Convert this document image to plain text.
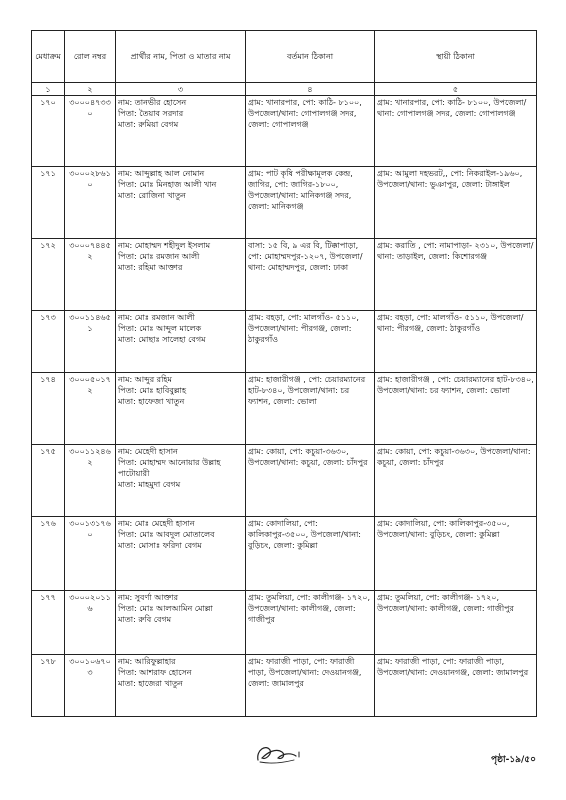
মেধাক্রম	রোল নম্বর	প্রার্থীর নাম, পিতা ও মাতার নাম	বর্তমান ঠিকানা	স্থায়ী ঠিকানা
১	২	৩	৪	৫
১৭০	৩০০০৪৭৩৩০	নাম: তানভীর হোসেন
পিতা: তৈয়াব সরদার
মাতা: রুমিয়া বেগম	গ্রাম: খানারপার, পো: কাঠি- ৮১০০, উপজেলা/থানা: গোপালগঞ্জ সদর, জেলা: গোপালগঞ্জ	গ্রাম: খানারপার, পো: কাঠি- ৮১০০, উপজেলা/থানা: গোপালগঞ্জ সদর, জেলা: গোপালগঞ্জ

১৭১	৩০০০২৮৬১০	নাম: আব্দুল্লাহ আল নোমান
পিতা: মোঃ মিনহাজ আলী খান
মাতা: রোজিনা খাতুন	গ্রাম: পাট কৃষি পরীক্ষামূলক কেন্দ্র, জাগির, পো: জাগির-১৮০০, উপজেলা/থানা: মানিকগঞ্জ সদর, জেলা: মানিকগঞ্জ	গ্রাম: আমুলা দহভরট,, পো: নিকরাইল-১৯৬০, উপজেলা/থানা: ভুঞাপুর, জেলা: টাঙ্গাইল

১৭২	৩০০০৭৪৪৫২	নাম: মোহাম্মদ শহীদুল ইসলাম
পিতা: মোঃ রমজান আলী
মাতা: রহিমা আক্তার	বাসা: ১৫ বি, ৯ এর বি, টিক্কাপাড়া, পো: মোহাম্মদপুর-১২০৭, উপজেলা/থানা: মোহাম্মদপুর, জেলা: ঢাকা	গ্রাম: করাতি , পো: নামাপাড়া- ২৩১০, উপজেলা/থানা: তাড়াইল, জেলা: কিশোরগঞ্জ

১৭৩	৩০০১১৪৬৫১	নাম: মোঃ রমজান আলী
পিতা: মোঃ আব্দুল মালেক
মাতা: মোছাঃ সালেহা বেগম	গ্রাম: বহড়া, পো: মালগাঁও- ৫১১০, উপজেলা/থানা: পীরগঞ্জ, জেলা: ঠাকুরগাঁও	গ্রাম: বহড়া, পো: মালগাঁও- ৫১১০, উপজেলা/থানা: পীরগঞ্জ, জেলা: ঠাকুরগাঁও

১৭৪	৩০০০৫০১৭২	নাম: আব্দুর রহিম
পিতা: মোঃ হাবিবুল্লাহ
মাতা: হাফেজা খাতুন	গ্রাম: হাজারীগঞ্জ , পো: চেয়ারম্যানের হাট-৮৩৪০, উপজেলা/থানা: চর ফ্যাশন, জেলা: ভোলা	গ্রাম: হাজারীগঞ্জ , পো: চেয়ারম্যানের হাট-৮৩৪০, উপজেলা/থানা: চর ফ্যাশন, জেলা: ভোলা

১৭৫	৩০০১১২৪৬২	নাম: মেহেদী হাসান
পিতা: মোহাম্মদ আনোয়ার উল্লাহ পাটোয়ারী
মাতা: মাহমুদা বেগম	গ্রাম: কোয়া, পো: কচুয়া-৩৬৩০, উপজেলা/থানা: কচুয়া, জেলা: চাঁদপুর	গ্রাম: কোয়া, পো: কচুয়া-৩৬৩০, উপজেলা/থানা: কচুয়া, জেলা: চাঁদপুর

১৭৬	৩০০১৩১৭৬০	নাম: মোঃ মেহেদী হাসান
পিতা: মোঃ আবদুল মোতালেব
মাতা: মোসাঃ ফরিদা বেগম	গ্রাম: কোদালিয়া, পো: কালিকাপুর-৩৫০০, উপজেলা/থানা: বুড়িচং, জেলা: কুমিল্লা	গ্রাম: কোদালিয়া, পো: কালিকাপুর-৩৫০০, উপজেলা/থানা: বুড়িচং, জেলা: কুমিল্লা

১৭৭	৩০০০২০১১৬	নাম: সুবর্ণা আক্তার
পিতা: মোঃ আলআমিন মোল্লা
মাতা: রুবি বেগম	গ্রাম: তুমলিয়া, পো: কালীগঞ্জ- ১৭২০, উপজেলা/থানা: কালীগঞ্জ, জেলা: গাজীপুর	গ্রাম: তুমলিয়া, পো: কালীগঞ্জ- ১৭২০, উপজেলা/থানা: কালীগঞ্জ, জেলা: গাজীপুর

১৭৮	৩০০১০৬৭০৩	নাম: আরিফুল্লাহার
পিতা: আশরাফ হোসেন
মাতা: হাজেরা খাতুন	গ্রাম: ফারাজী পাড়া, পো: ফারাজী পাড়া, উপজেলা/থানা: দেওয়ানগঞ্জ, জেলা: জামালপুর	গ্রাম: ফারাজী পাড়া, পো: ফারাজী পাড়া, উপজেলা/থানা: দেওয়ানগঞ্জ, জেলা: জামালপুর
পৃষ্ঠা-১৯/৫০
